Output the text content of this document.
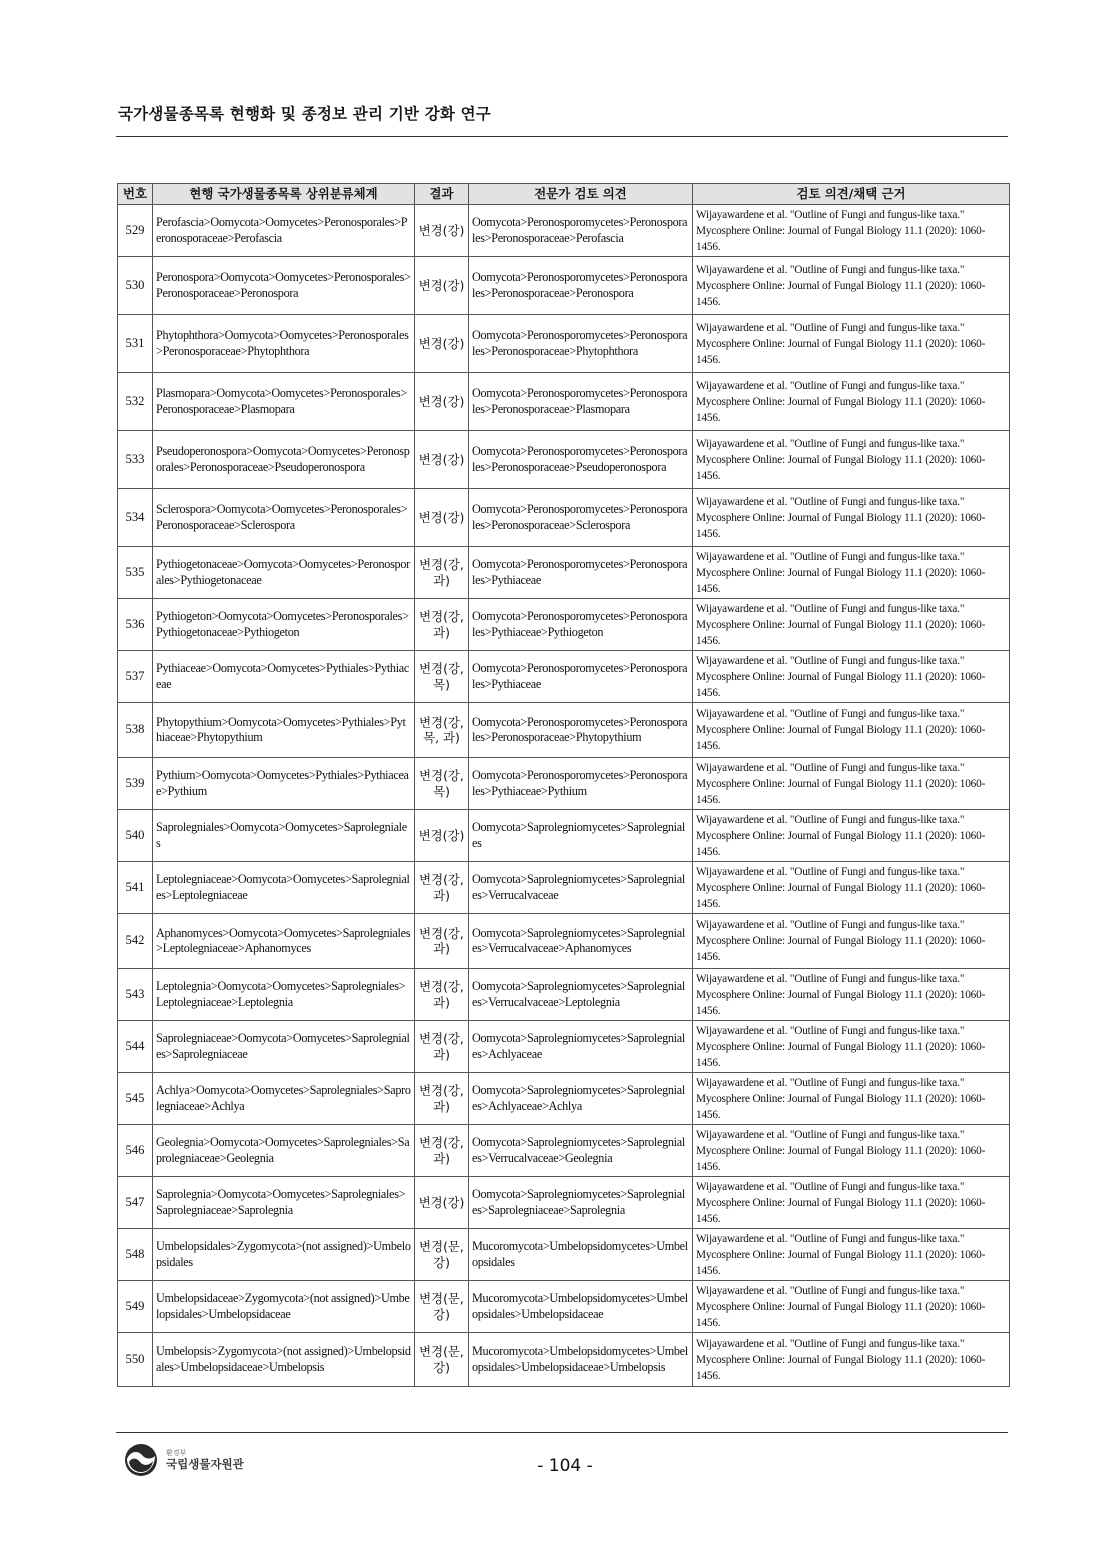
국가생물종목록 현행화 및 종정보 관리 기반 강화 연구
번호	현행 국가생물종목록 상위분류체계	결과	전문가 검토 의견	검토 의견/채택 근거
529	Perofascia>Oomycota>Oomycetes>Peronosporales>Peronosporaceae>Perofascia	변경(강)	Oomycota>Peronosporomycetes>Peronosporales>Peronosporaceae>Perofascia	Wijayawardene et al. "Outline of Fungi and fungus-like taxa." Mycosphere Online: Journal of Fungal Biology 11.1 (2020): 1060-1456.
530	Peronospora>Oomycota>Oomycetes>Peronosporales>Peronosporaceae>Peronospora	변경(강)	Oomycota>Peronosporomycetes>Peronosporales>Peronosporaceae>Peronospora	Wijayawardene et al. "Outline of Fungi and fungus-like taxa." Mycosphere Online: Journal of Fungal Biology 11.1 (2020): 1060-1456.
531	Phytophthora>Oomycota>Oomycetes>Peronosporales>Peronosporaceae>Phytophthora	변경(강)	Oomycota>Peronosporomycetes>Peronosporales>Peronosporaceae>Phytophthora	Wijayawardene et al. "Outline of Fungi and fungus-like taxa." Mycosphere Online: Journal of Fungal Biology 11.1 (2020): 1060-1456.
532	Plasmopara>Oomycota>Oomycetes>Peronosporales>Peronosporaceae>Plasmopara	변경(강)	Oomycota>Peronosporomycetes>Peronosporales>Peronosporaceae>Plasmopara	Wijayawardene et al. "Outline of Fungi and fungus-like taxa." Mycosphere Online: Journal of Fungal Biology 11.1 (2020): 1060-1456.
533	Pseudoperonospora>Oomycota>Oomycetes>Peronosporales>Peronosporaceae>Pseudoperonospora	변경(강)	Oomycota>Peronosporomycetes>Peronosporales>Peronosporaceae>Pseudoperonospora	Wijayawardene et al. "Outline of Fungi and fungus-like taxa." Mycosphere Online: Journal of Fungal Biology 11.1 (2020): 1060-1456.
534	Sclerospora>Oomycota>Oomycetes>Peronosporales>Peronosporaceae>Sclerospora	변경(강)	Oomycota>Peronosporomycetes>Peronosporales>Peronosporaceae>Sclerospora	Wijayawardene et al. "Outline of Fungi and fungus-like taxa." Mycosphere Online: Journal of Fungal Biology 11.1 (2020): 1060-1456.
535	Pythiogetonaceae>Oomycota>Oomycetes>Peronosporales>Pythiogetonaceae	변경(강, 과)	Oomycota>Peronosporomycetes>Peronosporales>Pythiaceae	Wijayawardene et al. "Outline of Fungi and fungus-like taxa." Mycosphere Online: Journal of Fungal Biology 11.1 (2020): 1060-1456.
536	Pythiogeton>Oomycota>Oomycetes>Peronosporales>Pythiogetonaceae>Pythiogeton	변경(강, 과)	Oomycota>Peronosporomycetes>Peronosporales>Pythiaceae>Pythiogeton	Wijayawardene et al. "Outline of Fungi and fungus-like taxa." Mycosphere Online: Journal of Fungal Biology 11.1 (2020): 1060-1456.
537	Pythiaceae>Oomycota>Oomycetes>Pythiales>Pythiaceae	변경(강, 목)	Oomycota>Peronosporomycetes>Peronosporales>Pythiaceae	Wijayawardene et al. "Outline of Fungi and fungus-like taxa." Mycosphere Online: Journal of Fungal Biology 11.1 (2020): 1060-1456.
538	Phytopythium>Oomycota>Oomycetes>Pythiales>Pythiaceae>Phytopythium	변경(강, 목, 과)	Oomycota>Peronosporomycetes>Peronosporales>Peronosporaceae>Phytopythium	Wijayawardene et al. "Outline of Fungi and fungus-like taxa." Mycosphere Online: Journal of Fungal Biology 11.1 (2020): 1060-1456.
539	Pythium>Oomycota>Oomycetes>Pythiales>Pythiaceae>Pythium	변경(강, 목)	Oomycota>Peronosporomycetes>Peronosporales>Pythiaceae>Pythium	Wijayawardene et al. "Outline of Fungi and fungus-like taxa." Mycosphere Online: Journal of Fungal Biology 11.1 (2020): 1060-1456.
540	Saprolegniales>Oomycota>Oomycetes>Saprolegniales	변경(강)	Oomycota>Saprolegniomycetes>Saprolegniales	Wijayawardene et al. "Outline of Fungi and fungus-like taxa." Mycosphere Online: Journal of Fungal Biology 11.1 (2020): 1060-1456.
541	Leptolegniaceae>Oomycota>Oomycetes>Saprolegniales>Leptolegniaceae	변경(강, 과)	Oomycota>Saprolegniomycetes>Saprolegniales>Verrucalvaceae	Wijayawardene et al. "Outline of Fungi and fungus-like taxa." Mycosphere Online: Journal of Fungal Biology 11.1 (2020): 1060-1456.
542	Aphanomyces>Oomycota>Oomycetes>Saprolegniales>Leptolegniaceae>Aphanomyces	변경(강, 과)	Oomycota>Saprolegniomycetes>Saprolegniales>Verrucalvaceae>Aphanomyces	Wijayawardene et al. "Outline of Fungi and fungus-like taxa." Mycosphere Online: Journal of Fungal Biology 11.1 (2020): 1060-1456.
543	Leptolegnia>Oomycota>Oomycetes>Saprolegniales>Leptolegniaceae>Leptolegnia	변경(강, 과)	Oomycota>Saprolegniomycetes>Saprolegniales>Verrucalvaceae>Leptolegnia	Wijayawardene et al. "Outline of Fungi and fungus-like taxa." Mycosphere Online: Journal of Fungal Biology 11.1 (2020): 1060-1456.
544	Saprolegniaceae>Oomycota>Oomycetes>Saprolegniales>Saprolegniaceae	변경(강, 과)	Oomycota>Saprolegniomycetes>Saprolegniales>Achlyaceae	Wijayawardene et al. "Outline of Fungi and fungus-like taxa." Mycosphere Online: Journal of Fungal Biology 11.1 (2020): 1060-1456.
545	Achlya>Oomycota>Oomycetes>Saprolegniales>Saprolegniaceae>Achlya	변경(강, 과)	Oomycota>Saprolegniomycetes>Saprolegniales>Achlyaceae>Achlya	Wijayawardene et al. "Outline of Fungi and fungus-like taxa." Mycosphere Online: Journal of Fungal Biology 11.1 (2020): 1060-1456.
546	Geolegnia>Oomycota>Oomycetes>Saprolegniales>Saprolegniaceae>Geolegnia	변경(강, 과)	Oomycota>Saprolegniomycetes>Saprolegniales>Verrucalvaceae>Geolegnia	Wijayawardene et al. "Outline of Fungi and fungus-like taxa." Mycosphere Online: Journal of Fungal Biology 11.1 (2020): 1060-1456.
547	Saprolegnia>Oomycota>Oomycetes>Saprolegniales>Saprolegniaceae>Saprolegnia	변경(강)	Oomycota>Saprolegniomycetes>Saprolegniales>Saprolegniaceae>Saprolegnia	Wijayawardene et al. "Outline of Fungi and fungus-like taxa." Mycosphere Online: Journal of Fungal Biology 11.1 (2020): 1060-1456.
548	Umbelopsidales>Zygomycota>(not assigned)>Umbelopsidales	변경(문, 강)	Mucoromycota>Umbelopsidomycetes>Umbelopsidales	Wijayawardene et al. "Outline of Fungi and fungus-like taxa." Mycosphere Online: Journal of Fungal Biology 11.1 (2020): 1060-1456.
549	Umbelopsidaceae>Zygomycota>(not assigned)>Umbelopsidales>Umbelopsidaceae	변경(문, 강)	Mucoromycota>Umbelopsidomycetes>Umbelopsidales>Umbelopsidaceae	Wijayawardene et al. "Outline of Fungi and fungus-like taxa." Mycosphere Online: Journal of Fungal Biology 11.1 (2020): 1060-1456.
550	Umbelopsis>Zygomycota>(not assigned)>Umbelopsidales>Umbelopsidaceae>Umbelopsis	변경(문, 강)	Mucoromycota>Umbelopsidomycetes>Umbelopsidales>Umbelopsidaceae>Umbelopsis	Wijayawardene et al. "Outline of Fungi and fungus-like taxa." Mycosphere Online: Journal of Fungal Biology 11.1 (2020): 1060-1456.
환경부
국립생물자원관	- 104 -
